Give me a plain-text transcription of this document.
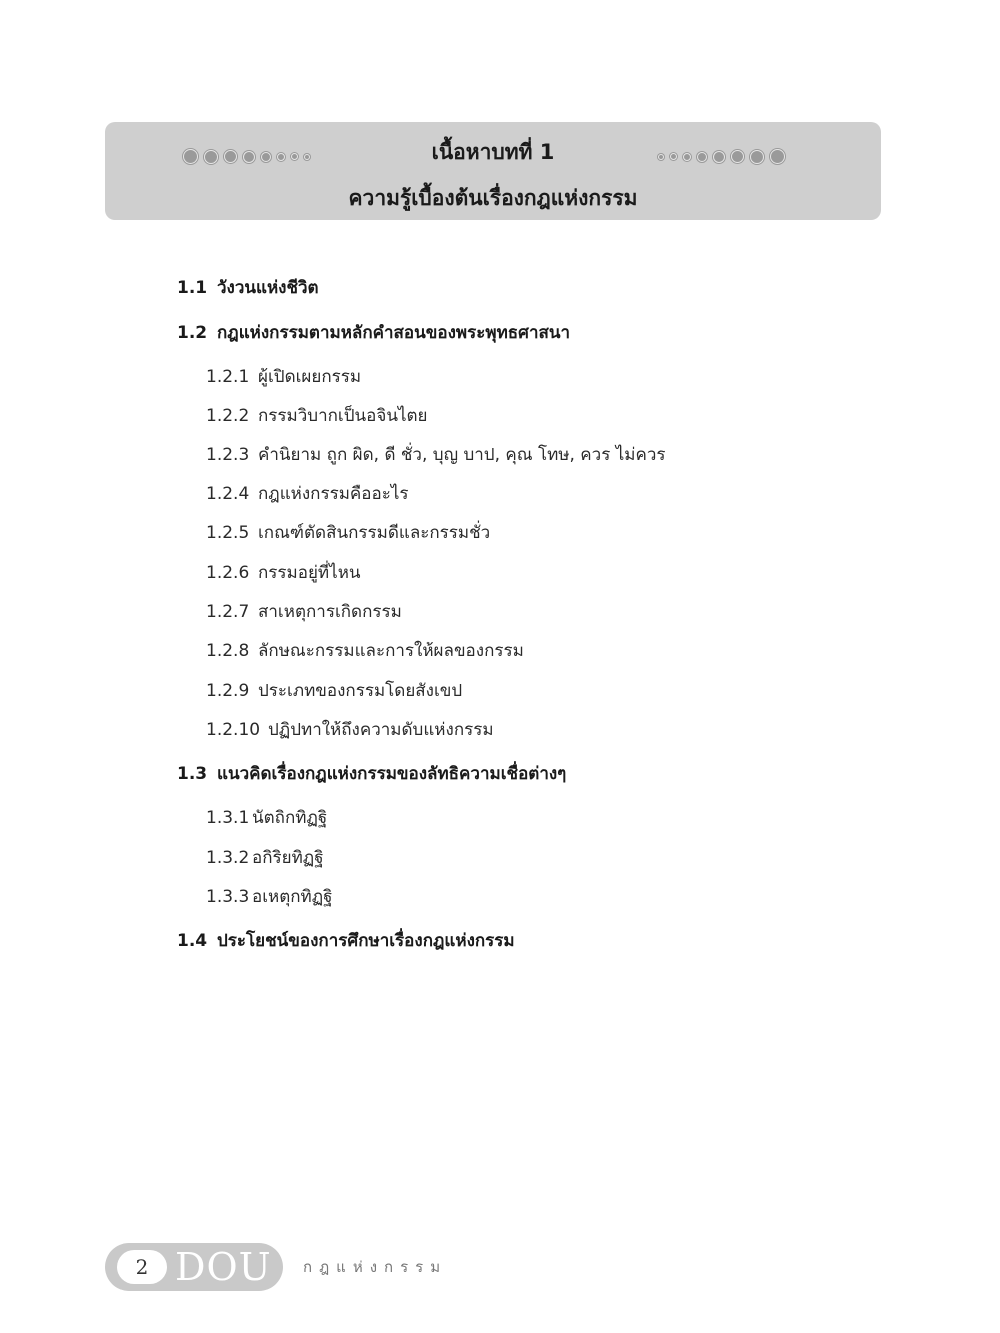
เนื้อหาบทที่ 1
ความรู้เบื้องต้นเรื่องกฎแห่งกรรม
1.1 วังวนแห่งชีวิต
1.2 กฎแห่งกรรมตามหลักคำสอนของพระพุทธศาสนา
1.2.1 ผู้เปิดเผยกรรม
1.2.2 กรรมวิบากเป็นอจินไตย
1.2.3 คำนิยาม ถูก ผิด, ดี ชั่ว, บุญ บาป, คุณ โทษ, ควร ไม่ควร
1.2.4 กฎแห่งกรรมคืออะไร
1.2.5 เกณฑ์ตัดสินกรรมดีและกรรมชั่ว
1.2.6 กรรมอยู่ที่ไหน
1.2.7 สาเหตุการเกิดกรรม
1.2.8 ลักษณะกรรมและการให้ผลของกรรม
1.2.9 ประเภทของกรรมโดยสังเขป
1.2.10 ปฏิปทาให้ถึงความดับแห่งกรรม
1.3 แนวคิดเรื่องกฎแห่งกรรมของลัทธิความเชื่อต่างๆ
1.3.1 นัตถิกทิฏฐิ
1.3.2 อกิริยทิฏฐิ
1.3.3 อเหตุกทิฏฐิ
1.4 ประโยชน์ของการศึกษาเรื่องกฎแห่งกรรม
2 DOU กฎแห่งกรรม
